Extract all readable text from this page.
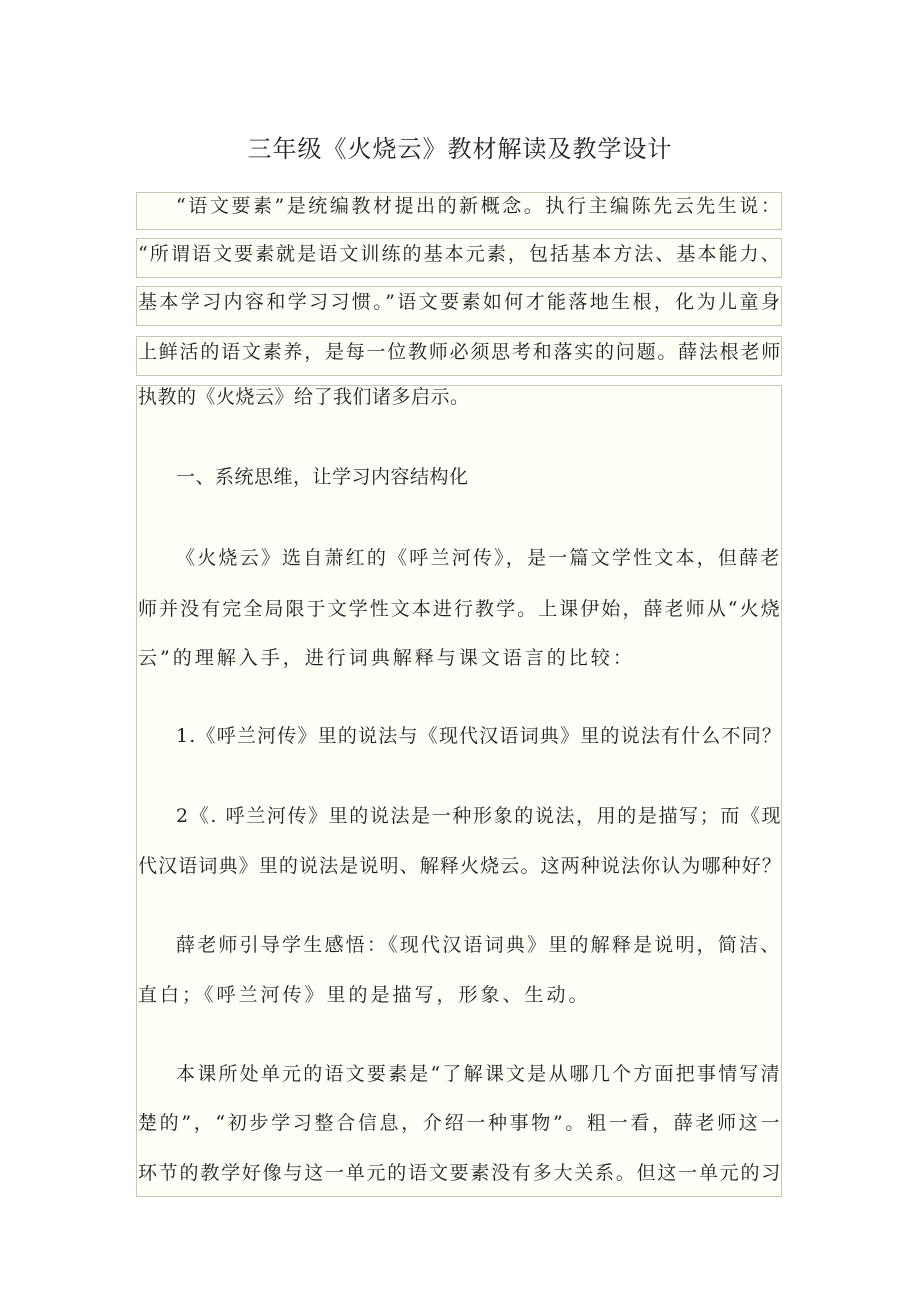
三年级《火烧云》教材解读及教学设计
“语文要素”是统编教材提出的新概念。执行主编陈先云先生说：
“所谓语文要素就是语文训练的基本元素，包括基本方法、基本能力、
基本学习内容和学习习惯。”语文要素如何才能落地生根，化为儿童身
上鲜活的语文素养，是每一位教师必须思考和落实的问题。薛法根老师
执教的《火烧云》给了我们诸多启示。
一、系统思维，让学习内容结构化
《火烧云》选自萧红的《呼兰河传》，是一篇文学性文本，但薛老
师并没有完全局限于文学性文本进行教学。上课伊始，薛老师从“火烧
云”的理解入手，进行词典解释与课文语言的比较：
1.《呼兰河传》里的说法与《现代汉语词典》里的说法有什么不同？
2《. 呼兰河传》里的说法是一种形象的说法，用的是描写；而《现
代汉语词典》里的说法是说明、解释火烧云。这两种说法你认为哪种好？
薛老师引导学生感悟：《现代汉语词典》里的解释是说明，简洁、
直白；《呼兰河传》里的是描写，形象、生动。
本课所处单元的语文要素是“了解课文是从哪几个方面把事情写清
楚的”，“初步学习整合信息，介绍一种事物”。粗一看，薛老师这一
环节的教学好像与这一单元的语文要素没有多大关系。但这一单元的习
